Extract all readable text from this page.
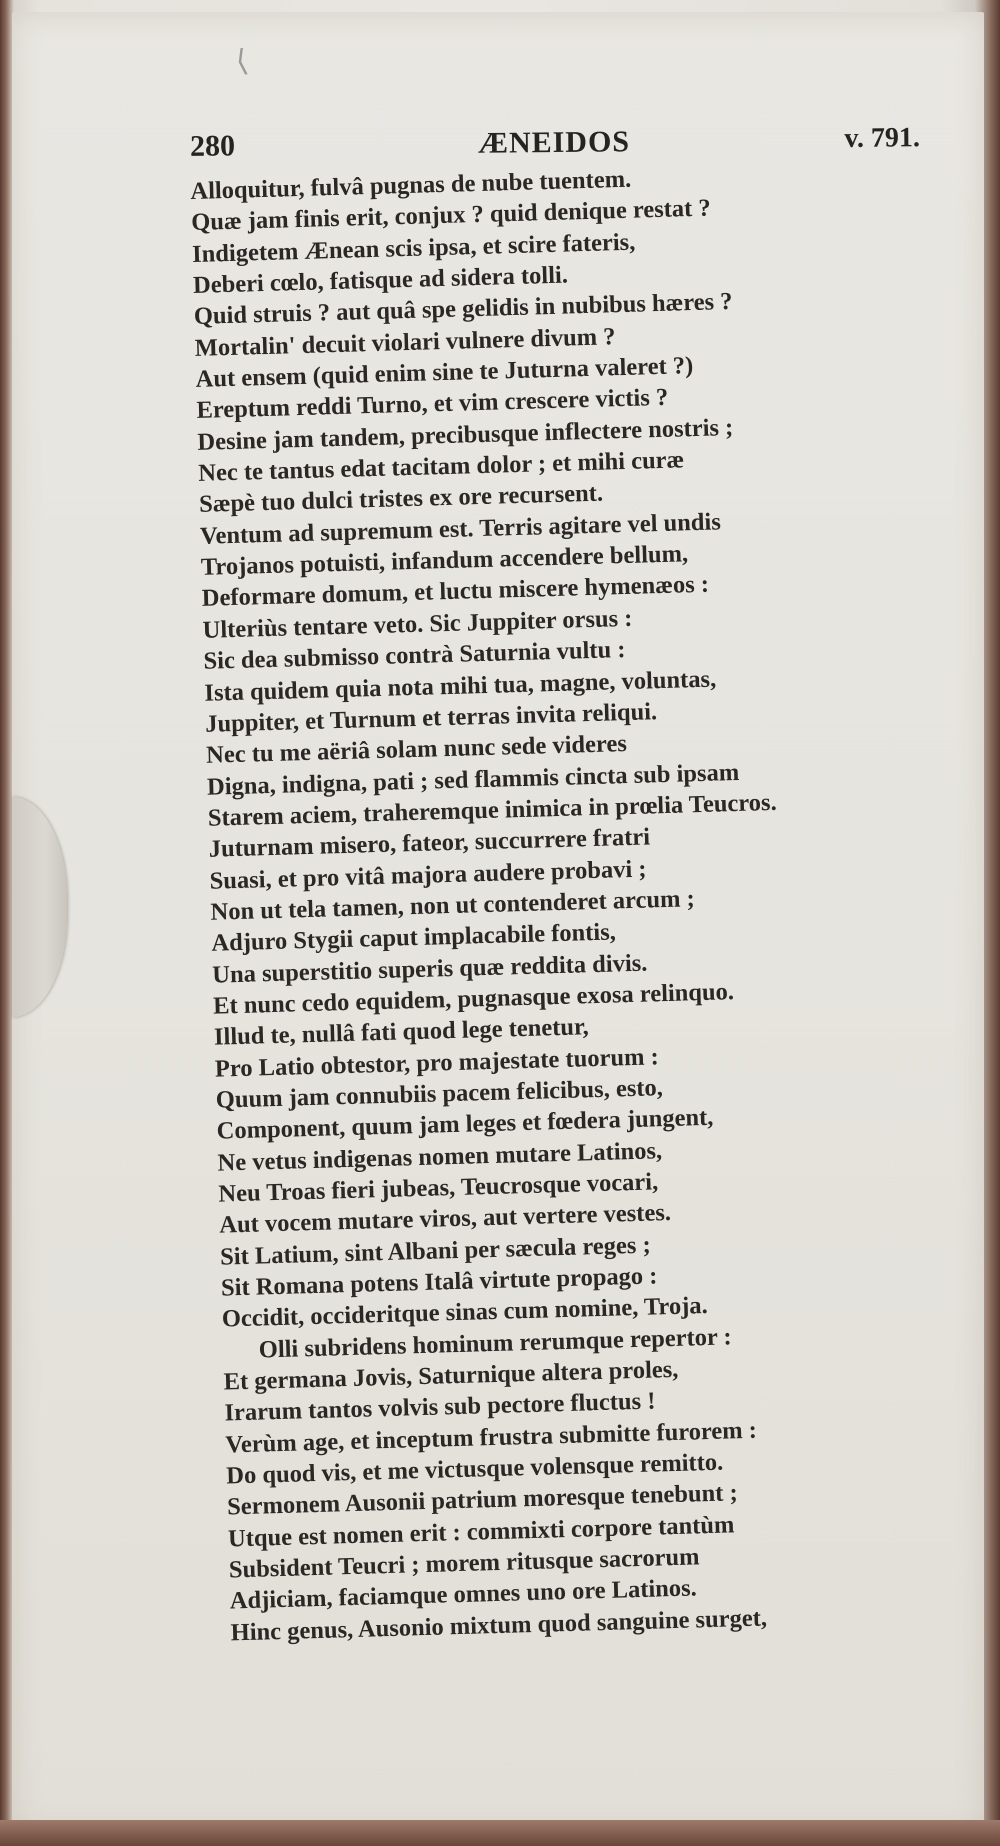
⟨
280	ÆNEIDOS	v. 791.
Alloquitur, fulvâ pugnas de nube tuentem.
Quæ jam finis erit, conjux ? quid denique restat ?
Indigetem Ænean scis ipsa, et scire fateris,
Deberi cœlo, fatisque ad sidera tolli.
Quid struis ? aut quâ spe gelidis in nubibus hæres ?
Mortalin' decuit violari vulnere divum ?
Aut ensem (quid enim sine te Juturna valeret ?)
Ereptum reddi Turno, et vim crescere victis ?
Desine jam tandem, precibusque inflectere nostris ;
Nec te tantus edat tacitam dolor ; et mihi curæ
Sæpè tuo dulci tristes ex ore recursent.
Ventum ad supremum est. Terris agitare vel undis
Trojanos potuisti, infandum accendere bellum,
Deformare domum, et luctu miscere hymenæos :
Ulteriùs tentare veto. Sic Juppiter orsus :
Sic dea submisso contrà Saturnia vultu :
Ista quidem quia nota mihi tua, magne, voluntas,
Juppiter, et Turnum et terras invita reliqui.
Nec tu me aëriâ solam nunc sede videres
Digna, indigna, pati ; sed flammis cincta sub ipsam
Starem aciem, traheremque inimica in prœlia Teucros.
Juturnam misero, fateor, succurrere fratri
Suasi, et pro vitâ majora audere probavi ;
Non ut tela tamen, non ut contenderet arcum ;
Adjuro Stygii caput implacabile fontis,
Una superstitio superis quæ reddita divis.
Et nunc cedo equidem, pugnasque exosa relinquo.
Illud te, nullâ fati quod lege tenetur,
Pro Latio obtestor, pro majestate tuorum :
Quum jam connubiis pacem felicibus, esto,
Component, quum jam leges et fœdera jungent,
Ne vetus indigenas nomen mutare Latinos,
Neu Troas fieri jubeas, Teucrosque vocari,
Aut vocem mutare viros, aut vertere vestes.
Sit Latium, sint Albani per sæcula reges ;
Sit Romana potens Italâ virtute propago :
Occidit, occideritque sinas cum nomine, Troja.
Olli subridens hominum rerumque repertor :
Et germana Jovis, Saturnique altera proles,
Irarum tantos volvis sub pectore fluctus !
Verùm age, et inceptum frustra submitte furorem :
Do quod vis, et me victusque volensque remitto.
Sermonem Ausonii patrium moresque tenebunt ;
Utque est nomen erit : commixti corpore tantùm
Subsident Teucri ; morem ritusque sacrorum
Adjiciam, faciamque omnes uno ore Latinos.
Hinc genus, Ausonio mixtum quod sanguine surget,
